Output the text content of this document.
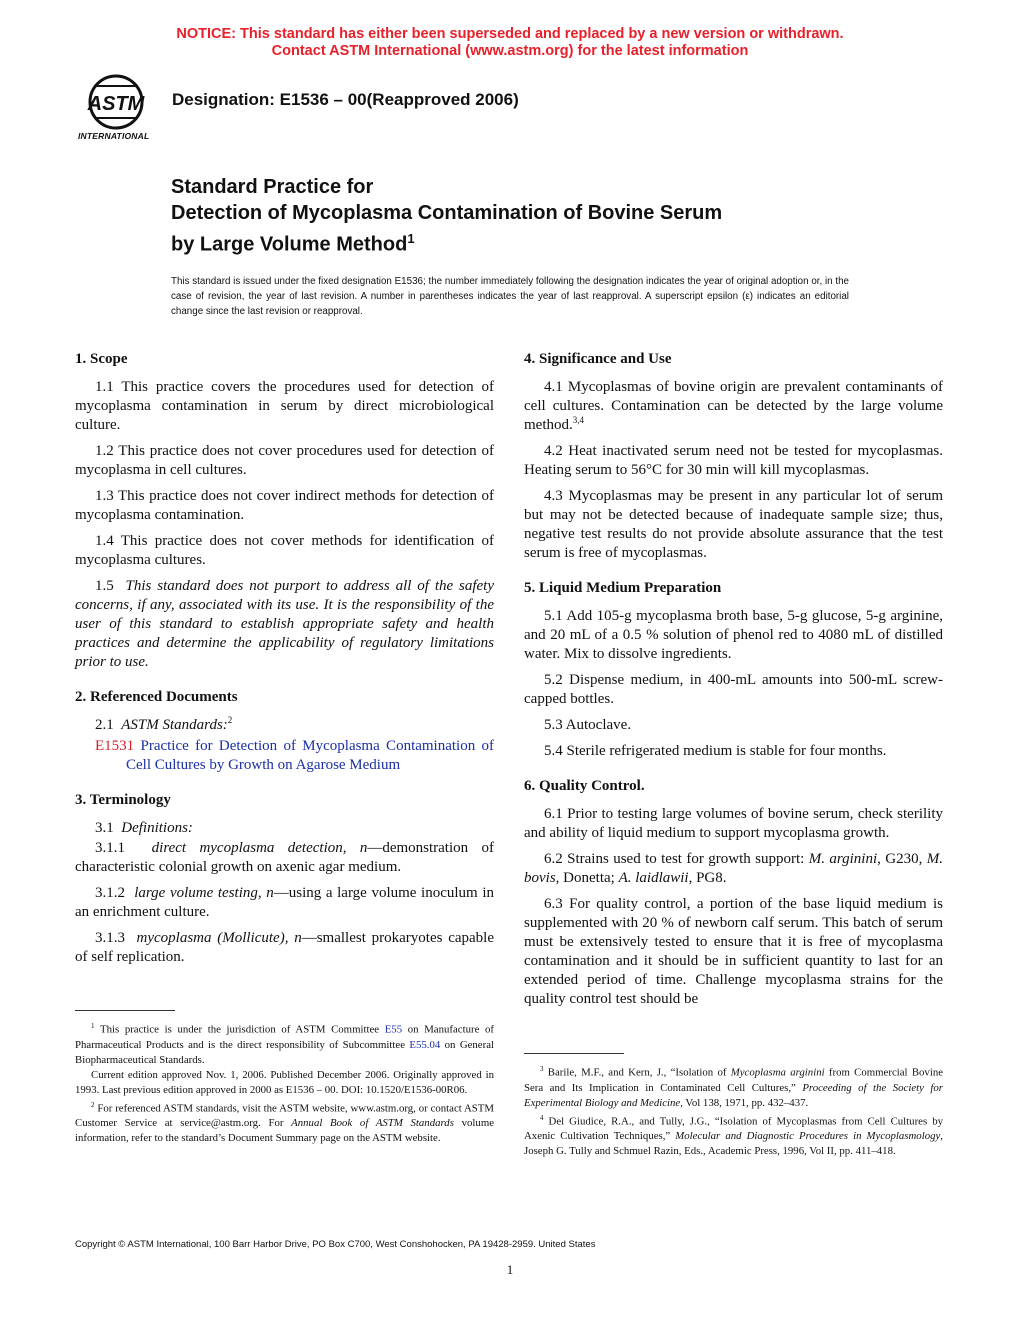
NOTICE: This standard has either been superseded and replaced by a new version or withdrawn.
Contact ASTM International (www.astm.org) for the latest information
ASTM
INTERNATIONAL
Designation: E1536 – 00(Reapproved 2006)
Standard Practice for
Detection of Mycoplasma Contamination of Bovine Serum
by Large Volume Method$^1$
This standard is issued under the fixed designation E1536; the number immediately following the designation indicates the year of original adoption or, in the case of revision, the year of last revision. A number in parentheses indicates the year of last reapproval. A superscript epsilon (ε) indicates an editorial change since the last revision or reapproval.
1. Scope

1.1 This practice covers the procedures used for detection of mycoplasma contamination in serum by direct microbiological culture.

1.2 This practice does not cover procedures used for detection of mycoplasma in cell cultures.

1.3 This practice does not cover indirect methods for detection of mycoplasma contamination.

1.4 This practice does not cover methods for identification of mycoplasma cultures.

1.5 This standard does not purport to address all of the safety concerns, if any, associated with its use. It is the responsibility of the user of this standard to establish appropriate safety and health practices and determine the applicability of regulatory limitations prior to use.

2. Referenced Documents

2.1 ASTM Standards:$^2$

E1531 Practice for Detection of Mycoplasma Contamination of Cell Cultures by Growth on Agarose Medium

3. Terminology

3.1 Definitions:

3.1.1 direct mycoplasma detection, n—demonstration of characteristic colonial growth on axenic agar medium.

3.1.2 large volume testing, n—using a large volume inoculum in an enrichment culture.

3.1.3 mycoplasma (Mollicute), n—smallest prokaryotes capable of self replication.

4. Significance and Use

4.1 Mycoplasmas of bovine origin are prevalent contaminants of cell cultures. Contamination can be detected by the large volume method.$^{3,4}$

4.2 Heat inactivated serum need not be tested for mycoplasmas. Heating serum to 56°C for 30 min will kill mycoplasmas.

4.3 Mycoplasmas may be present in any particular lot of serum but may not be detected because of inadequate sample size; thus, negative test results do not provide absolute assurance that the test serum is free of mycoplasmas.

5. Liquid Medium Preparation

5.1 Add 105-g mycoplasma broth base, 5-g glucose, 5-g arginine, and 20 mL of a 0.5 % solution of phenol red to 4080 mL of distilled water. Mix to dissolve ingredients.

5.2 Dispense medium, in 400-mL amounts into 500-mL screw-capped bottles.

5.3 Autoclave.

5.4 Sterile refrigerated medium is stable for four months.

6. Quality Control.

6.1 Prior to testing large volumes of bovine serum, check sterility and ability of liquid medium to support mycoplasma growth.

6.2 Strains used to test for growth support: M. arginini, G230, M. bovis, Donetta; A. laidlawii, PG8.

6.3 For quality control, a portion of the base liquid medium is supplemented with 20 % of newborn calf serum. This batch of serum must be extensively tested to ensure that it is free of mycoplasma contamination and it should be in sufficient quantity to last for an extended period of time. Challenge mycoplasma strains for the quality control test should be

$^1$ This practice is under the jurisdiction of ASTM Committee E55 on Manufacture of Pharmaceutical Products and is the direct responsibility of Subcommittee E55.04 on General Biopharmaceutical Standards.

Current edition approved Nov. 1, 2006. Published December 2006. Originally approved in 1993. Last previous edition approved in 2000 as E1536 – 00. DOI: 10.1520/E1536-00R06.

$^2$ For referenced ASTM standards, visit the ASTM website, www.astm.org, or contact ASTM Customer Service at service@astm.org. For Annual Book of ASTM Standards volume information, refer to the standard’s Document Summary page on the ASTM website.

$^3$ Barile, M.F., and Kern, J., “Isolation of Mycoplasma arginini from Commercial Bovine Sera and Its Implication in Contaminated Cell Cultures,” Proceeding of the Society for Experimental Biology and Medicine, Vol 138, 1971, pp. 432–437.

$^4$ Del Giudice, R.A., and Tully, J.G., “Isolation of Mycoplasmas from Cell Cultures by Axenic Cultivation Techniques,” Molecular and Diagnostic Procedures in Mycoplasmology, Joseph G. Tully and Schmuel Razin, Eds., Academic Press, 1996, Vol II, pp. 411–418.

Copyright © ASTM International, 100 Barr Harbor Drive, PO Box C700, West Conshohocken, PA 19428-2959. United States
1
